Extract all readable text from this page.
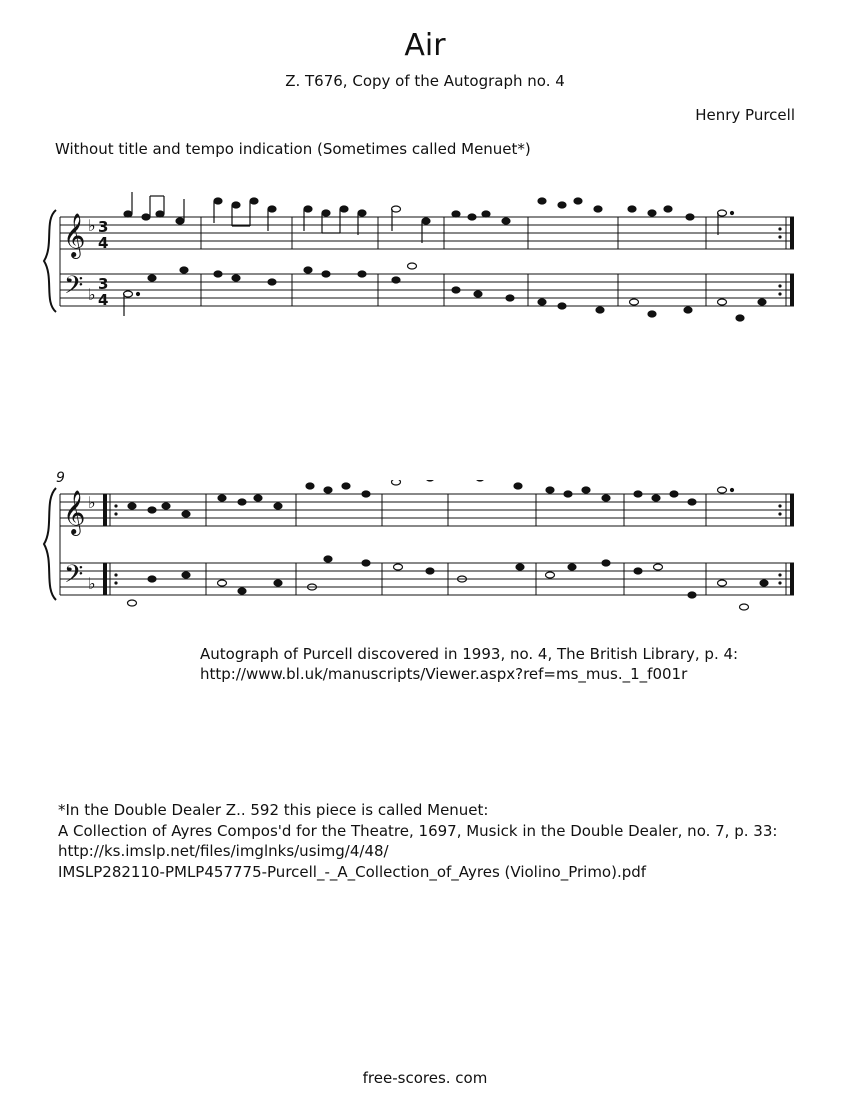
Air
Z. T676, Copy of the Autograph no. 4
Henry Purcell
Without title and tempo indication (Sometimes called Menuet*)
𝄞
𝄢
♭
♭
3
4
3
4
𝄞
𝄢
♭
♭
9
Autograph of Purcell discovered in 1993, no. 4, The British Library, p. 4:
http://www.bl.uk/manuscripts/Viewer.aspx?ref=ms_mus._1_f001r
*In the Double Dealer Z.. 592 this piece is called Menuet:
A Collection of Ayres Compos'd for the Theatre, 1697, Musick in the Double Dealer, no. 7, p. 33:
http://ks.imslp.net/files/imglnks/usimg/4/48/
IMSLP282110-PMLP457775-Purcell_-_A_Collection_of_Ayres (Violino_Primo).pdf
free-scores. com
